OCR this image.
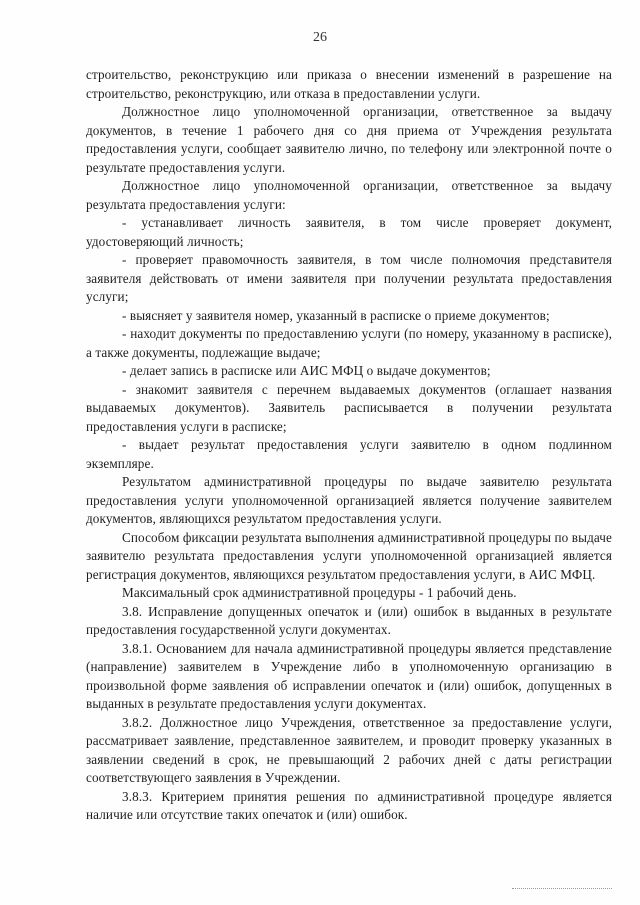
26

строительство, реконструкцию или приказа о внесении изменений в разрешение на строительство, реконструкцию, или отказа в предоставлении услуги.

Должностное лицо уполномоченной организации, ответственное за выдачу документов, в течение 1 рабочего дня со дня приема от Учреждения результата предоставления услуги, сообщает заявителю лично, по телефону или электронной почте о результате предоставления услуги.

Должностное лицо уполномоченной организации, ответственное за выдачу результата предоставления услуги:

- устанавливает личность заявителя, в том числе проверяет документ, удостоверяющий личность;

- проверяет правомочность заявителя, в том числе полномочия представителя заявителя действовать от имени заявителя при получении результата предоставления услуги;

- выясняет у заявителя номер, указанный в расписке о приеме документов;

- находит документы по предоставлению услуги (по номеру, указанному в расписке), а также документы, подлежащие выдаче;

- делает запись в расписке или АИС МФЦ о выдаче документов;

- знакомит заявителя с перечнем выдаваемых документов (оглашает названия выдаваемых документов). Заявитель расписывается в получении результата предоставления услуги в расписке;

- выдает результат предоставления услуги заявителю в одном подлинном экземпляре.

Результатом административной процедуры по выдаче заявителю результата предоставления услуги уполномоченной организацией является получение заявителем документов, являющихся результатом предоставления услуги.

Способом фиксации результата выполнения административной процедуры по выдаче заявителю результата предоставления услуги уполномоченной организацией является регистрация документов, являющихся результатом предоставления услуги, в АИС МФЦ.

Максимальный срок административной процедуры - 1 рабочий день.

3.8. Исправление допущенных опечаток и (или) ошибок в выданных в результате предоставления государственной услуги документах.

3.8.1. Основанием для начала административной процедуры является представление (направление) заявителем в Учреждение либо в уполномоченную организацию в произвольной форме заявления об исправлении опечаток и (или) ошибок, допущенных в выданных в результате предоставления услуги документах.

3.8.2. Должностное лицо Учреждения, ответственное за предоставление услуги, рассматривает заявление, представленное заявителем, и проводит проверку указанных в заявлении сведений в срок, не превышающий 2 рабочих дней с даты регистрации соответствующего заявления в Учреждении.

3.8.3. Критерием принятия решения по административной процедуре является наличие или отсутствие таких опечаток и (или) ошибок.
